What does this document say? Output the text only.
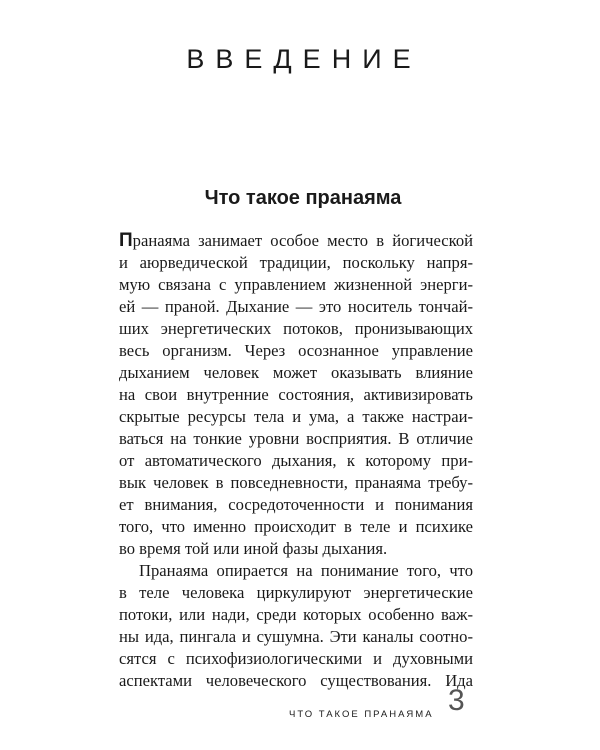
ВВЕДЕНИЕ
Что такое пранаяма
Пранаяма занимает особое место в йогической
и аюрведической традиции, поскольку напря-
мую связана с управлением жизненной энерги-
ей — праной. Дыхание — это носитель тончай-
ших энергетических потоков, пронизывающих
весь организм. Через осознанное управление
дыханием человек может оказывать влияние
на свои внутренние состояния, активизировать
скрытые ресурсы тела и ума, а также настраи-
ваться на тонкие уровни восприятия. В отличие
от автоматического дыхания, к которому при-
вык человек в повседневности, пранаяма требу-
ет внимания, сосредоточенности и понимания
того, что именно происходит в теле и психике
во время той или иной фазы дыхания.
Пранаяма опирается на понимание того, что
в теле человека циркулируют энергетические
потоки, или нади, среди которых особенно важ-
ны ида, пингала и сушумна. Эти каналы соотно-
сятся с психофизиологическими и духовными
аспектами человеческого существования. Ида
ЧТО ТАКОЕ ПРАНАЯМА 3
